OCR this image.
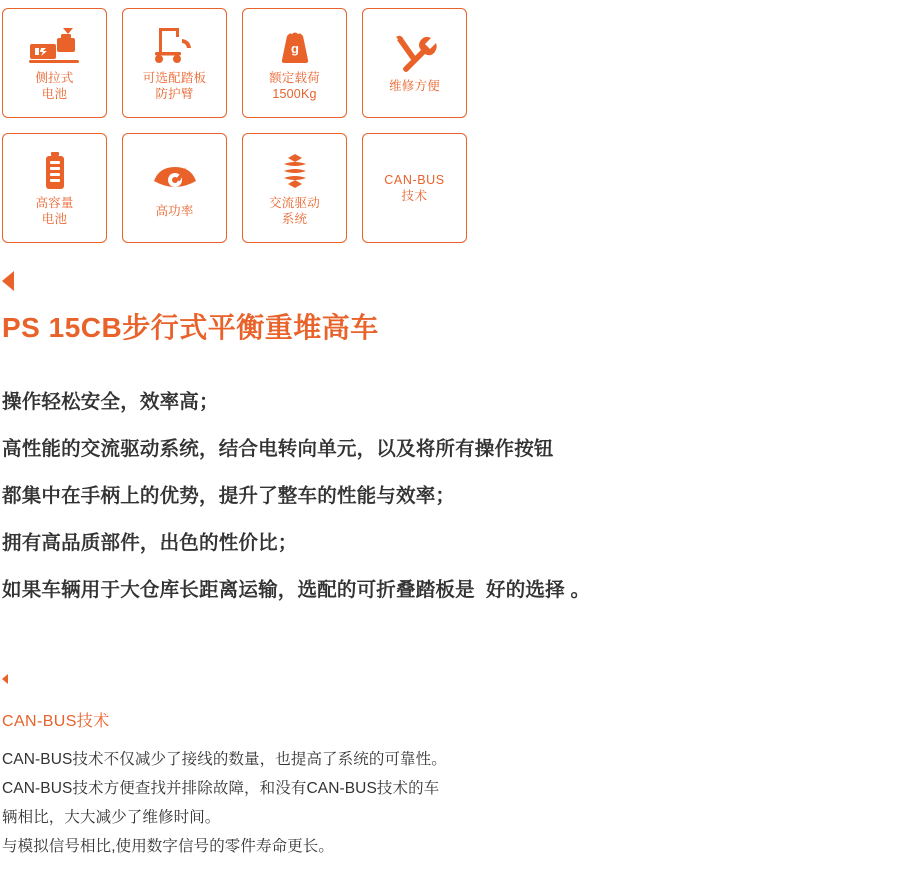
侧拉式
电池
可选配踏板
防护臂
g
额定载荷
1500Kg
维修方便
高容量
电池
高功率
交流驱动
系统
CAN-BUS
技术
PS 15CB步行式平衡重堆高车
操作轻松安全，效率高；
高性能的交流驱动系统，结合电转向单元，以及将所有操作按钮
都集中在手柄上的优势，提升了整车的性能与效率；
拥有高品质部件，出色的性价比；
如果车辆用于大仓库长距离运输，选配的可折叠踏板是  好的选择 。
CAN-BUS技术
CAN-BUS技术不仅减少了接线的数量，也提高了系统的可靠性。
CAN-BUS技术方便查找并排除故障，和没有CAN-BUS技术的车
辆相比，大大减少了维修时间。
与模拟信号相比,使用数字信号的零件寿命更长。
